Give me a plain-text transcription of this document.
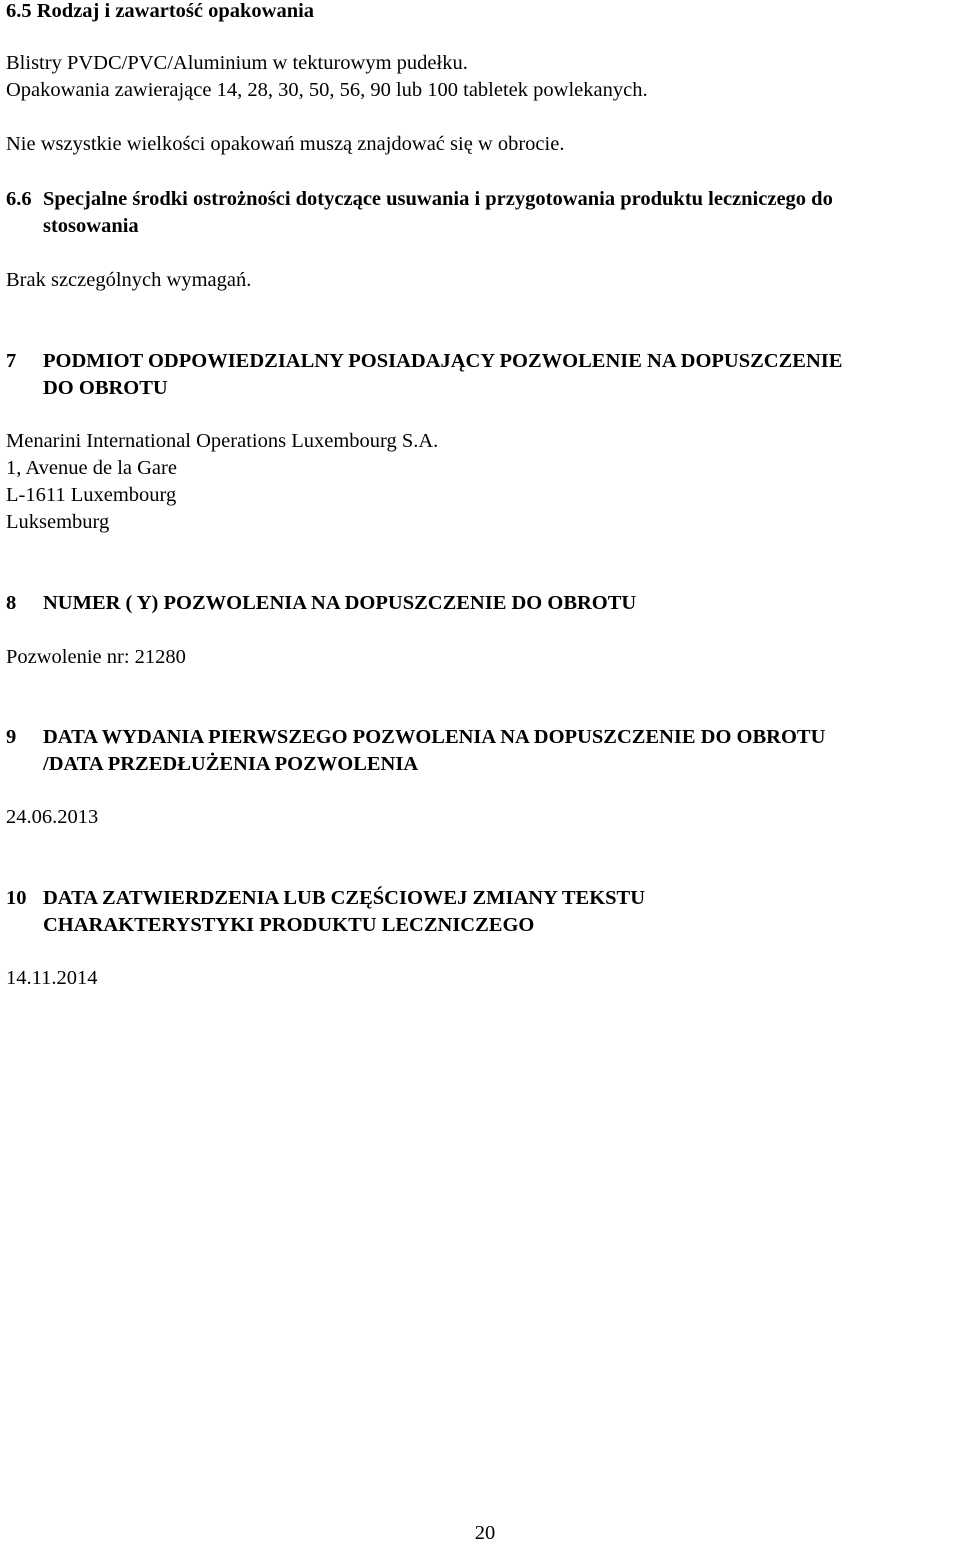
6.5 Rodzaj i zawartość opakowania
Blistry PVDC/PVC/Aluminium w tekturowym pudełku.
Opakowania zawierające 14, 28, 30, 50, 56, 90 lub 100 tabletek powlekanych.
Nie wszystkie wielkości opakowań muszą znajdować się w obrocie.
6.6 Specjalne środki ostrożności dotyczące usuwania i przygotowania produktu leczniczego do
stosowania
Brak szczególnych wymagań.
7 PODMIOT ODPOWIEDZIALNY POSIADAJĄCY POZWOLENIE NA DOPUSZCZENIE
DO OBROTU
Menarini International Operations Luxembourg S.A.
1, Avenue de la Gare
L-1611 Luxembourg
Luksemburg
8 NUMER ( Y) POZWOLENIA NA DOPUSZCZENIE DO OBROTU
Pozwolenie nr: 21280
9 DATA WYDANIA PIERWSZEGO POZWOLENIA NA DOPUSZCZENIE DO OBROTU
/DATA PRZEDŁUŻENIA POZWOLENIA
24.06.2013
10 DATA ZATWIERDZENIA LUB CZĘŚCIOWEJ ZMIANY TEKSTU
CHARAKTERYSTYKI PRODUKTU LECZNICZEGO
14.11.2014
20
